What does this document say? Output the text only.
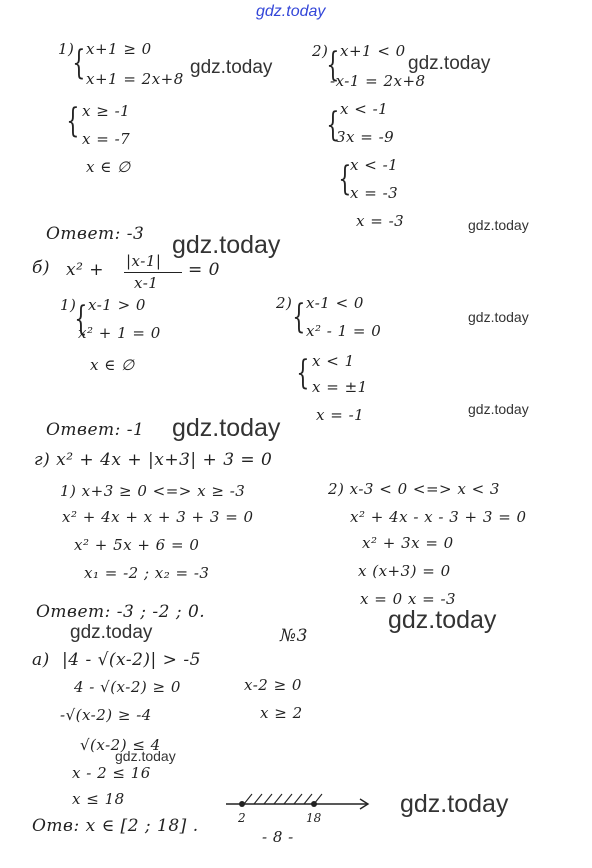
gdz.today
gdz.today	gdz.today
gdz.today
gdz.today
gdz.today
gdz.today
gdz.today
gdz.today
gdz.today
gdz.today
gdz.today
1)
{ x+1 ≥ 0
x+1 = 2x+8
{ x ≥ -1
x = -7
x ∈ ∅
2)
{ x+1 < 0
-x-1 = 2x+8
{ x < -1
3x = -9
{
x < -1
x = -3
x = -3
Ответ: -3
б) x² + |x-1|
x-1
= 0
1)
{ x-1 > 0
x² + 1 = 0
x ∈ ∅
2) { x-1 < 0
x² - 1 = 0
{ x < 1
x = ±1
x = -1
Ответ: -1
г) x² + 4x + |x+3| + 3 = 0
1) x+3 ≥ 0 <=> x ≥ -3
x² + 4x + x + 3 + 3 = 0
x² + 5x + 6 = 0
x₁ = -2 ; x₂ = -3
2) x-3 < 0 <=> x < 3
x² + 4x - x - 3 + 3 = 0
x² + 3x = 0
x (x+3) = 0
x = 0 x = -3
Ответ: -3 ; -2 ; 0.
№3
а) |4 - √(x-2)| > -5
4 - √(x-2) ≥ 0	x-2 ≥ 0
-√(x-2) ≥ -4	x ≥ 2
√(x-2) ≤ 4
x - 2 ≤ 16
x ≤ 18
2	18
Отв: x ∈ [2 ; 18] .
- 8 -
